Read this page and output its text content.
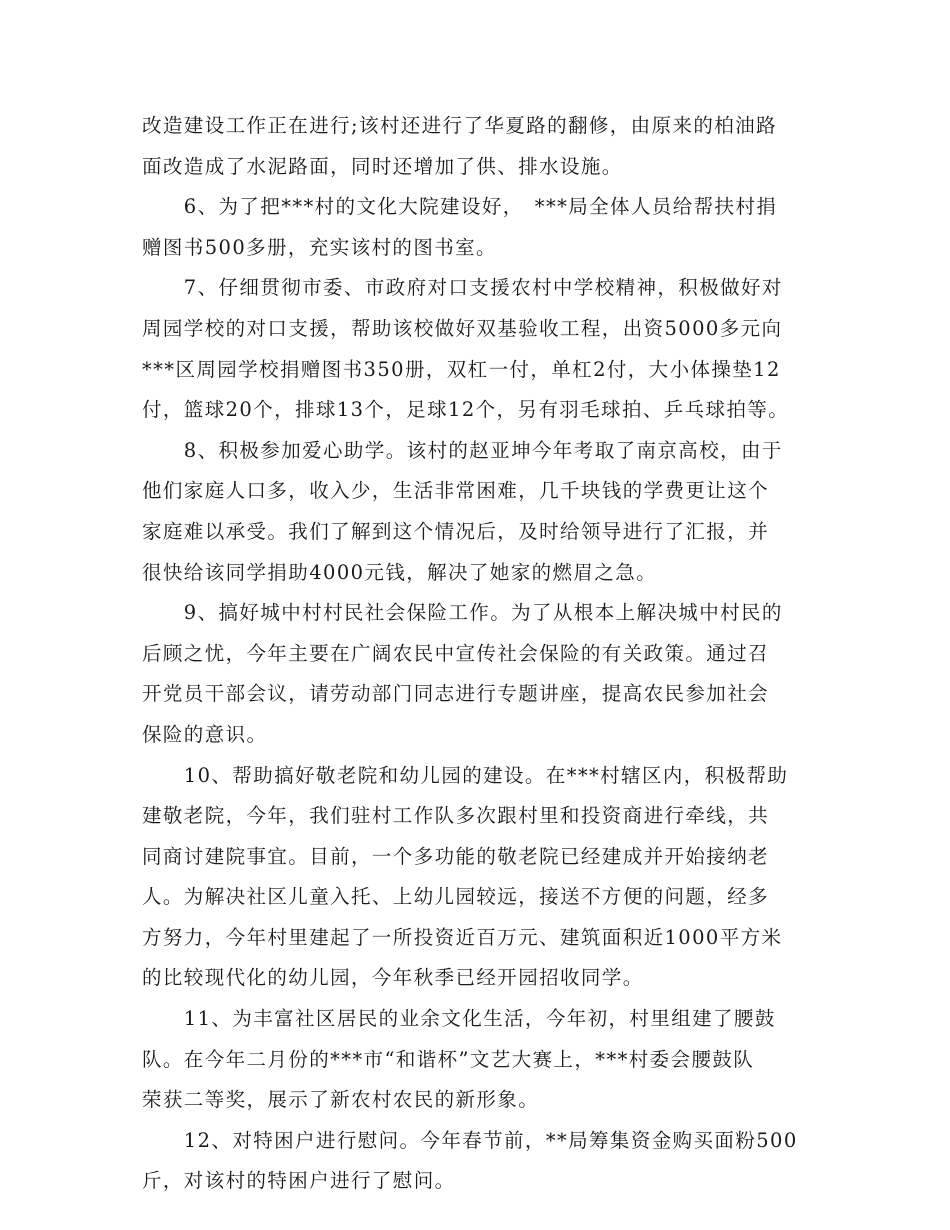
改造建设工作正在进行;该村还进行了华夏路的翻修，由原来的柏油路
面改造成了水泥路面，同时还增加了供、排水设施。
　　6、为了把***村的文化大院建设好，　***局全体人员给帮扶村捐
赠图书500多册，充实该村的图书室。
　　7、仔细贯彻市委、市政府对口支援农村中学校精神，积极做好对
周园学校的对口支援，帮助该校做好双基验收工程，出资5000多元向
***区周园学校捐赠图书350册，双杠一付，单杠2付，大小体操垫12
付，篮球20个，排球13个，足球12个，另有羽毛球拍、乒乓球拍等。
　　8、积极参加爱心助学。该村的赵亚坤今年考取了南京高校，由于
他们家庭人口多，收入少，生活非常困难，几千块钱的学费更让这个
家庭难以承受。我们了解到这个情况后，及时给领导进行了汇报，并
很快给该同学捐助4000元钱，解决了她家的燃眉之急。
　　9、搞好城中村村民社会保险工作。为了从根本上解决城中村民的
后顾之忧，今年主要在广阔农民中宣传社会保险的有关政策。通过召
开党员干部会议，请劳动部门同志进行专题讲座，提高农民参加社会
保险的意识。
　　10、帮助搞好敬老院和幼儿园的建设。在***村辖区内，积极帮助
建敬老院，今年，我们驻村工作队多次跟村里和投资商进行牵线，共
同商讨建院事宜。目前，一个多功能的敬老院已经建成并开始接纳老
人。为解决社区儿童入托、上幼儿园较远，接送不方便的问题，经多
方努力，今年村里建起了一所投资近百万元、建筑面积近1000平方米
的比较现代化的幼儿园，今年秋季已经开园招收同学。
　　11、为丰富社区居民的业余文化生活，今年初，村里组建了腰鼓
队。在今年二月份的***市“和谐杯”文艺大赛上，***村委会腰鼓队
荣获二等奖，展示了新农村农民的新形象。
　　12、对特困户进行慰问。今年春节前，**局筹集资金购买面粉500
斤，对该村的特困户进行了慰问。
